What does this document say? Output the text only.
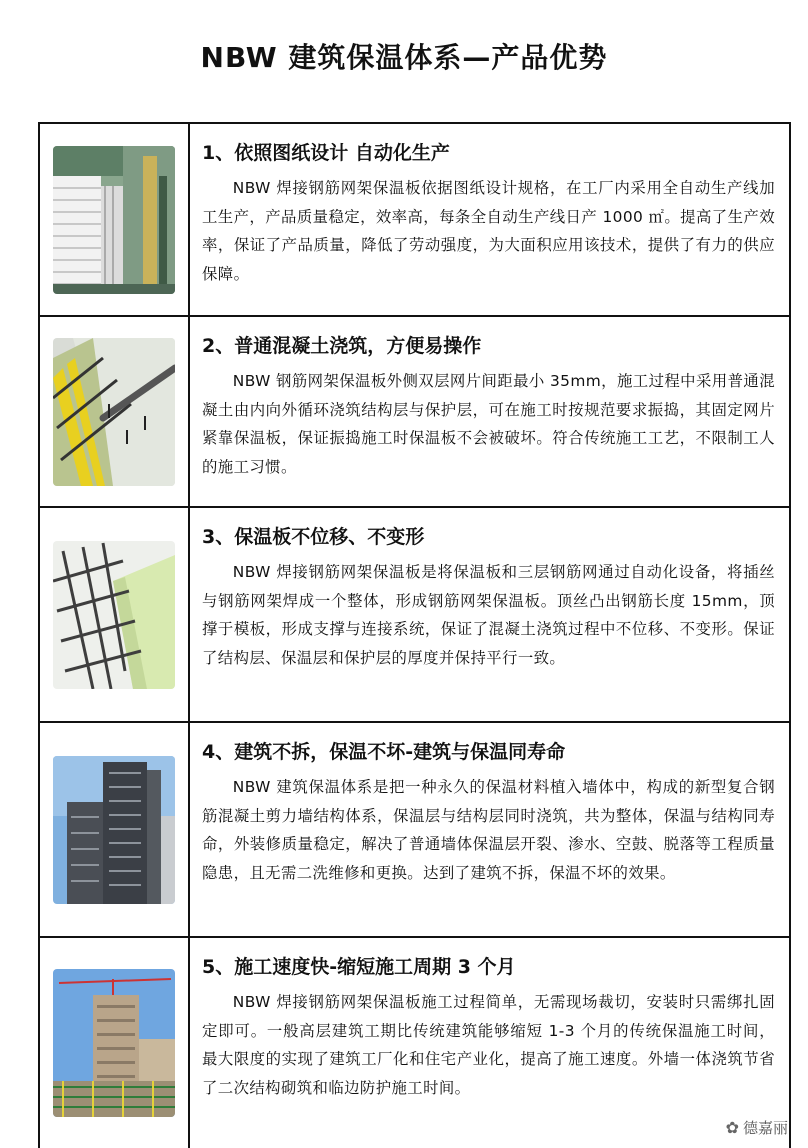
NBW 建筑保温体系—产品优势

1、依照图纸设计 自动化生产

NBW 焊接钢筋网架保温板依据图纸设计规格，在工厂内采用全自动生产线加工生产，产品质量稳定，效率高，每条全自动生产线日产 1000 ㎡。提高了生产效率，保证了产品质量，降低了劳动强度，为大面积应用该技术，提供了有力的供应保障。

2、普通混凝土浇筑，方便易操作

NBW 钢筋网架保温板外侧双层网片间距最小 35mm，施工过程中采用普通混凝土由内向外循环浇筑结构层与保护层，可在施工时按规范要求振捣，其固定网片紧靠保温板，保证振捣施工时保温板不会被破坏。符合传统施工工艺，不限制工人的施工习惯。

3、保温板不位移、不变形

NBW 焊接钢筋网架保温板是将保温板和三层钢筋网通过自动化设备，将插丝与钢筋网架焊成一个整体，形成钢筋网架保温板。顶丝凸出钢筋长度 15mm，顶撑于模板，形成支撑与连接系统，保证了混凝土浇筑过程中不位移、不变形。保证了结构层、保温层和保护层的厚度并保持平行一致。

4、建筑不拆，保温不坏-建筑与保温同寿命

NBW 建筑保温体系是把一种永久的保温材料植入墙体中，构成的新型复合钢筋混凝土剪力墙结构体系，保温层与结构层同时浇筑，共为整体，保温与结构同寿命，外装修质量稳定，解决了普通墙体保温层开裂、渗水、空鼓、脱落等工程质量隐患，且无需二洗维修和更换。达到了建筑不拆，保温不坏的效果。

5、施工速度快-缩短施工周期 3 个月

NBW 焊接钢筋网架保温板施工过程简单，无需现场裁切，安装时只需绑扎固定即可。一般高层建筑工期比传统建筑能够缩短 1-3 个月的传统保温施工时间，最大限度的实现了建筑工厂化和住宅产业化，提高了施工速度。外墙一体浇筑节省了二次结构砌筑和临边防护施工时间。

✿ 德嘉丽
